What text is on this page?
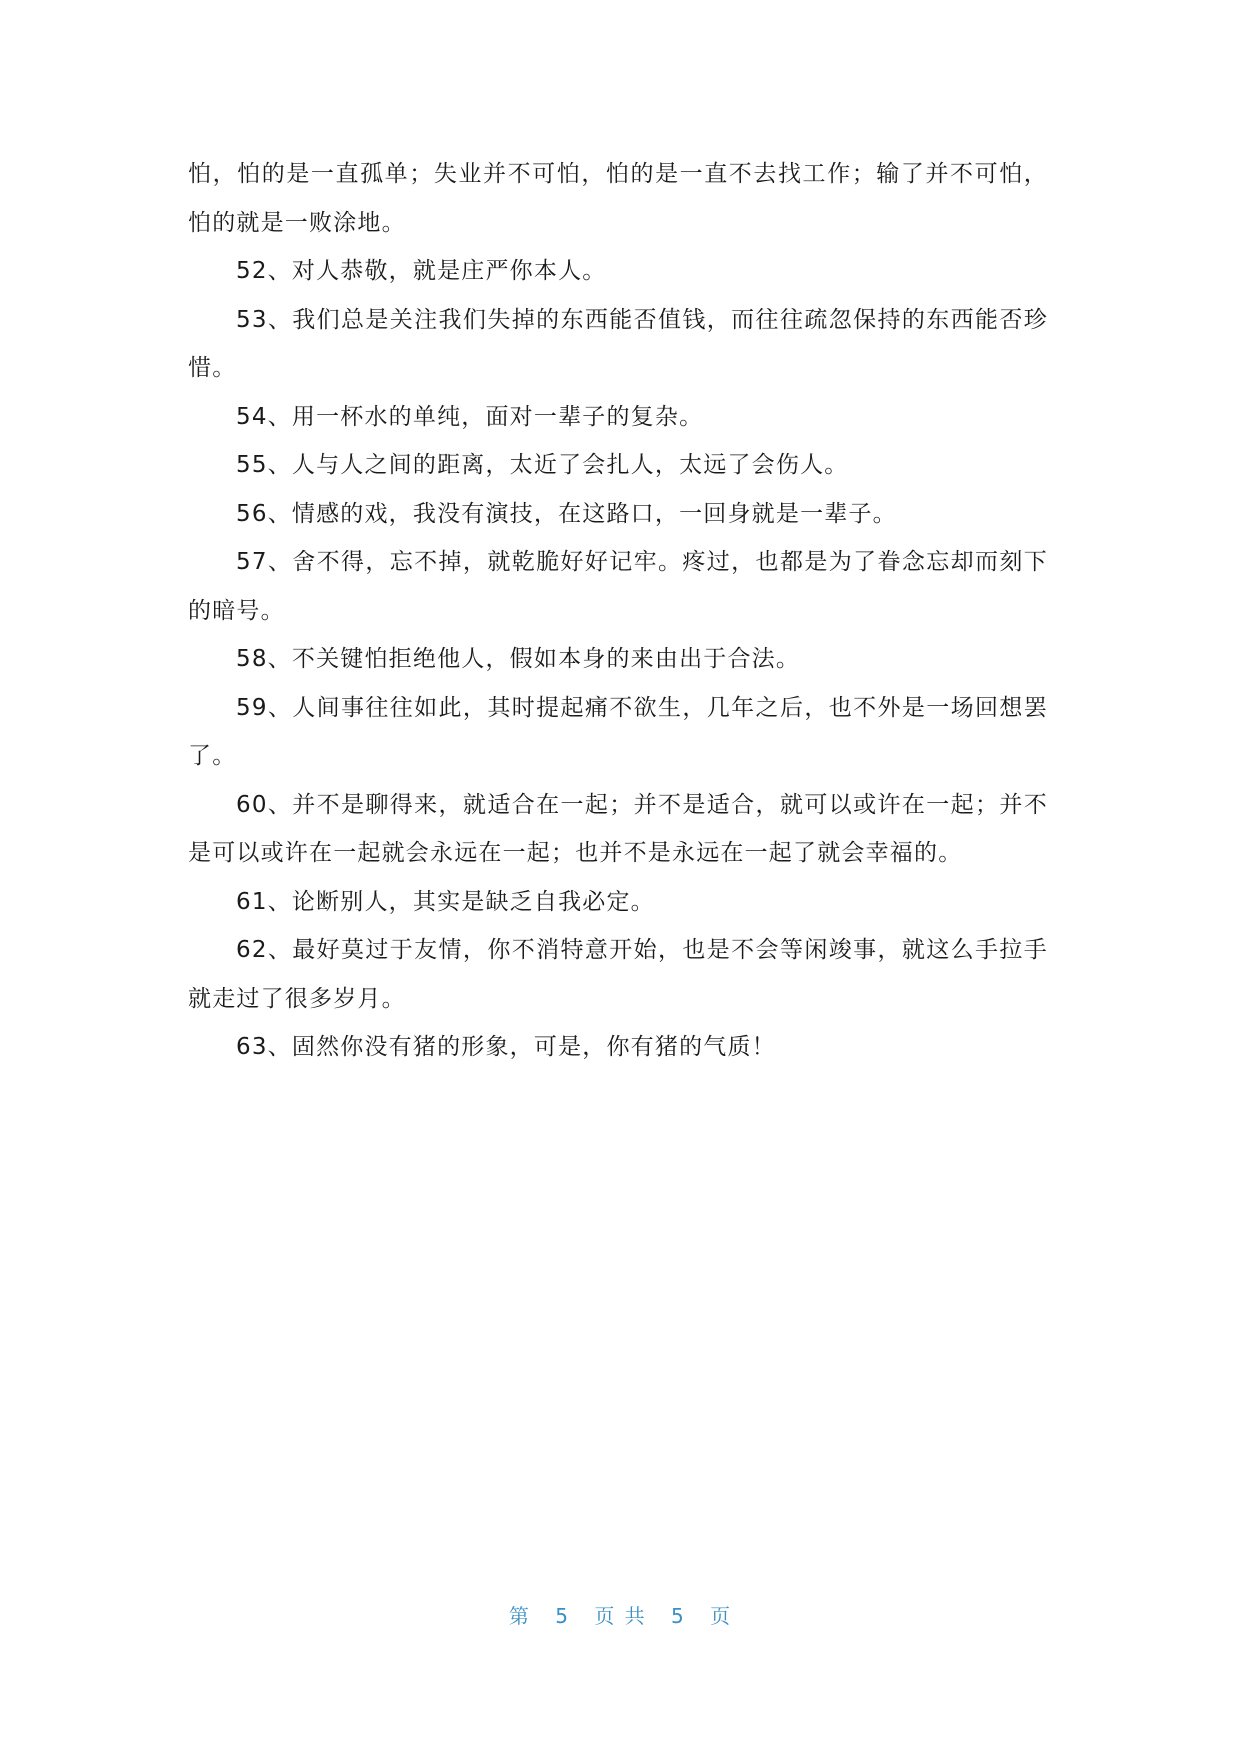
怕，怕的是一直孤单；失业并不可怕，怕的是一直不去找工作；输了并不可怕，怕的就是一败涂地。

52、对人恭敬，就是庄严你本人。

53、我们总是关注我们失掉的东西能否值钱，而往往疏忽保持的东西能否珍惜。

54、用一杯水的单纯，面对一辈子的复杂。

55、人与人之间的距离，太近了会扎人，太远了会伤人。

56、情感的戏，我没有演技，在这路口，一回身就是一辈子。

57、舍不得，忘不掉，就乾脆好好记牢。疼过，也都是为了眷念忘却而刻下的暗号。

58、不关键怕拒绝他人，假如本身的来由出于合法。

59、人间事往往如此，其时提起痛不欲生，几年之后，也不外是一场回想罢了。

60、并不是聊得来，就适合在一起；并不是适合，就可以或许在一起；并不是可以或许在一起就会永远在一起；也并不是永远在一起了就会幸福的。

61、论断别人，其实是缺乏自我必定。

62、最好莫过于友情，你不消特意开始，也是不会等闲竣事，就这么手拉手就走过了很多岁月。

63、固然你没有猪的形象，可是，你有猪的气质！

第 5 页 共 5 页
